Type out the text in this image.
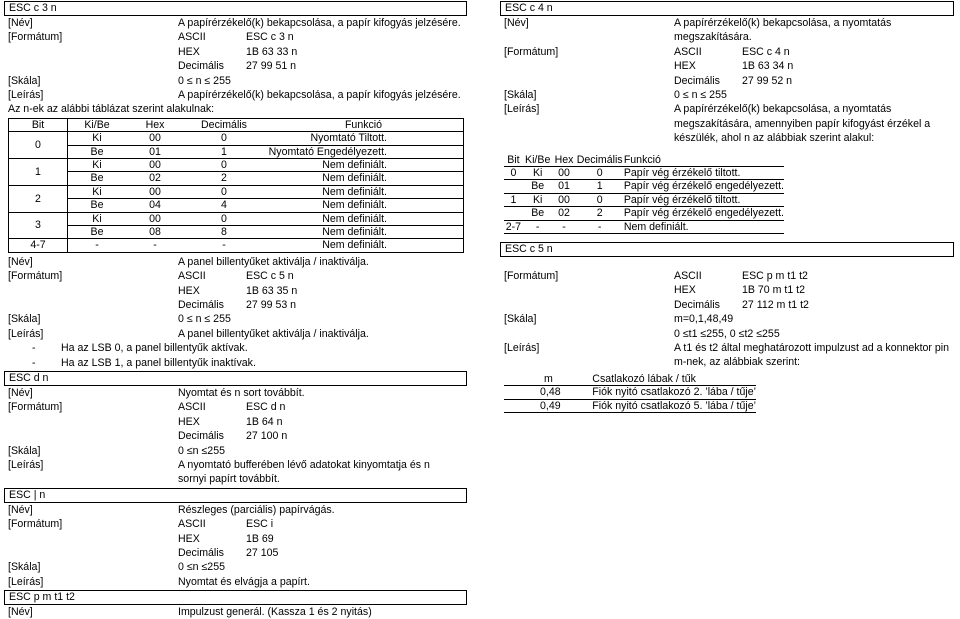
ESC c 3 n
[Név]	A papírérzékelő(k) bekapcsolása, a papír kifogyás jelzésére.
[Formátum]	ASCII	ESC c 3 n
HEX	1B 63 33 n
Decimális 27 99 51 n
[Skála]	0 ≤ n ≤ 255
[Leírás]	A papírérzékelő(k) bekapcsolása, a papír kifogyás jelzésére.
Az n-ek az alábbi táblázat szerint alakulnak:
Bit	Ki/Be	Hex	Decimális	Funkció
0	Ki	00	0	Nyomtató Tiltott.
	Be	01	1	Nyomtató Engedélyezett.
1	Ki	00	0	Nem definiált.
	Be	02	2	Nem definiált.
2	Ki	00	0	Nem definiált.
	Be	04	4	Nem definiált.
3	Ki	00	0	Nem definiált.
	Be	08	8	Nem definiált.
4-7	-	-	-	Nem definiált.
[Név]	A panel billentyűket aktiválja / inaktiválja.
[Formátum]	ASCII	ESC c 5 n
HEX	1B 63 35 n
Decimális 27 99 53 n
[Skála]	0 ≤ n ≤ 255
[Leírás]	A panel billentyűket aktiválja / inaktiválja.
- Ha az LSB 0, a panel billentyűk aktívak.
- Ha az LSB 1, a panel billentyűk inaktívak.
ESC d n
[Név]	Nyomtat és n sort továbbít.
[Formátum]	ASCII	ESC d n
HEX	1B 64 n
Decimális 27 100 n
[Skála]	0 ≤n ≤255
[Leírás]	A nyomtató bufferében lévő adatokat kinyomtatja és n sornyi papírt továbbít.
ESC | n
[Név]	Részleges (parciális) papírvágás.
[Formátum]	ASCII	ESC i
HEX	1B 69
Decimális 27 105
[Skála]	0 ≤n ≤255
[Leírás]	Nyomtat és elvágja a papírt.
ESC p m t1 t2
[Név]	Impulzust generál. (Kassza 1 és 2 nyitás)
ESC c 4 n
[Név]	A papírérzékelő(k) bekapcsolása, a nyomtatás megszakítására.
[Formátum]	ASCII	ESC c 4 n
HEX	1B 63 34 n
Decimális 27 99 52 n
[Skála]	0 ≤ n ≤ 255
[Leírás]	A papírérzékelő(k) bekapcsolása, a nyomtatás megszakítására, amennyiben papír kifogyást érzékel a készülék, ahol n az alábbiak szerint alakul:
Bit	Ki/Be	Hex	Decimális	Funkció
0	Ki	00	0	Papír vég érzékelő tiltott.
	Be	01	1	Papír vég érzékelő engedélyezett.
1	Ki	00	0	Papír vég érzékelő tiltott.
	Be	02	2	Papír vég érzékelő engedélyezett.
2-7	-	-	-	Nem definiált.
ESC c 5 n
[Formátum]	ASCII	ESC p m t1 t2
HEX	1B 70 m t1 t2
Decimális 27 112 m t1 t2
[Skála]	m=0,1,48,49
0 ≤t1 ≤255, 0 ≤t2 ≤255
[Leírás]	A t1 és t2 által meghatározott impulzust ad a konnektor pin m-nek, az alábbiak szerint:
m	Csatlakozó lábak / tűk
0,48	Fiók nyitó csatlakozó 2. ’lába / tűje’
0,49	Fiók nyitó csatlakozó 5. ’lába / tűje’
